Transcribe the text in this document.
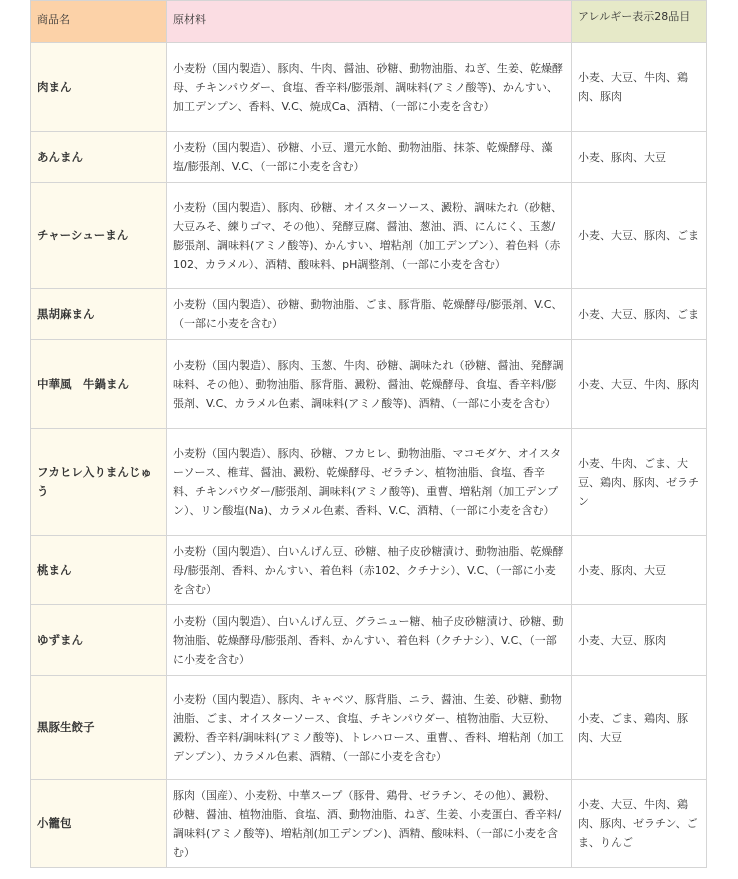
商品名	原材料	アレルギー表示28品目
肉まん	小麦粉（国内製造）、豚肉、牛肉、醤油、砂糖、動物油脂、ねぎ、生姜、乾燥酵母、チキンパウダー、食塩、香辛料/膨張剤、調味料(アミノ酸等)、かんすい、加工デンプン、香料、V.C、焼成Ca、酒精、（一部に小麦を含む）	小麦、大豆、牛肉、鶏肉、豚肉
あんまん	小麦粉（国内製造）、砂糖、小豆、還元水飴、動物油脂、抹茶、乾燥酵母、藻塩/膨張剤、V.C、（一部に小麦を含む）	小麦、豚肉、大豆
チャーシューまん	小麦粉（国内製造）、豚肉、砂糖、オイスターソース、澱粉、調味たれ（砂糖、大豆みそ、練りゴマ、その他）、発酵豆腐、醤油、葱油、酒、にんにく、玉葱/膨張剤、調味料(アミノ酸等)、かんすい、増粘剤（加工デンプン）、着色料（赤102、カラメル）、酒精、酸味料、pH調整剤、（一部に小麦を含む）	小麦、大豆、豚肉、ごま
黒胡麻まん	小麦粉（国内製造）、砂糖、動物油脂、ごま、豚背脂、乾燥酵母/膨張剤、V.C、（一部に小麦を含む）	小麦、大豆、豚肉、ごま
中華風　牛鍋まん	小麦粉（国内製造）、豚肉、玉葱、牛肉、砂糖、調味たれ（砂糖、醤油、発酵調味料、その他）、動物油脂、豚背脂、澱粉、醤油、乾燥酵母、食塩、香辛料/膨張剤、V.C、カラメル色素、調味料(アミノ酸等)、酒精、（一部に小麦を含む）	小麦、大豆、牛肉、豚肉
フカヒレ入りまんじゅう	小麦粉（国内製造）、豚肉、砂糖、フカヒレ、動物油脂、マコモダケ、オイスターソース、椎茸、醤油、澱粉、乾燥酵母、ゼラチン、植物油脂、食塩、香辛料、チキンパウダー/膨張剤、調味料(アミノ酸等)、重曹、増粘剤（加工デンプン）、リン酸塩(Na)、カラメル色素、香料、V.C、酒精、（一部に小麦を含む）	小麦、牛肉、ごま、大豆、鶏肉、豚肉、ゼラチン
桃まん	小麦粉（国内製造）、白いんげん豆、砂糖、柚子皮砂糖漬け、動物油脂、乾燥酵母/膨張剤、香料、かんすい、着色料（赤102、クチナシ）、V.C、（一部に小麦を含む）	小麦、豚肉、大豆
ゆずまん	小麦粉（国内製造）、白いんげん豆、グラニュー糖、柚子皮砂糖漬け、砂糖、動物油脂、乾燥酵母/膨張剤、香料、かんすい、着色料（クチナシ）、V.C、（一部に小麦を含む）	小麦、大豆、豚肉
黒豚生餃子	小麦粉（国内製造）、豚肉、キャベツ、豚背脂、ニラ、醤油、生姜、砂糖、動物油脂、ごま、オイスターソース、食塩、チキンパウダー、植物油脂、大豆粉、澱粉、香辛料/調味料(アミノ酸等)、トレハロース、重曹、、香料、増粘剤（加工デンプン）、カラメル色素、酒精、（一部に小麦を含む）	小麦、ごま、鶏肉、豚肉、大豆
小籠包	豚肉（国産）、小麦粉、中華スープ（豚骨、鶏骨、ゼラチン、その他）、澱粉、砂糖、醤油、植物油脂、食塩、酒、動物油脂、ねぎ、生姜、小麦蛋白、香辛料/調味料(アミノ酸等)、増粘剤(加工デンプン)、酒精、酸味料、（一部に小麦を含む）	小麦、大豆、牛肉、鶏肉、豚肉、ゼラチン、ごま、りんご
